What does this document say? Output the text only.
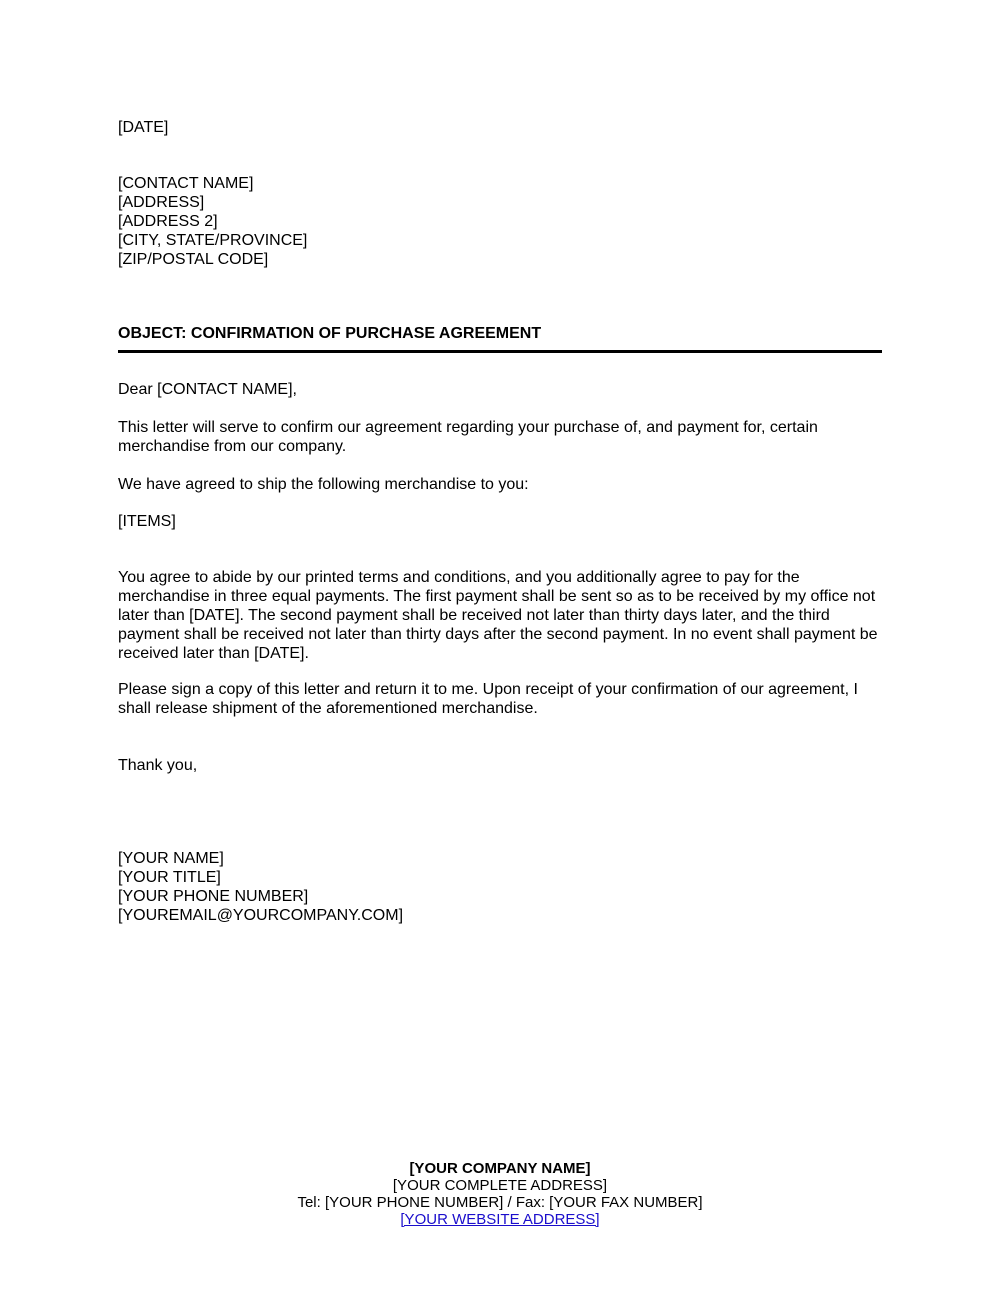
[DATE]
[CONTACT NAME]
[ADDRESS]
[ADDRESS 2]
[CITY, STATE/PROVINCE]
[ZIP/POSTAL CODE]
OBJECT: CONFIRMATION OF PURCHASE AGREEMENT
Dear [CONTACT NAME],
This letter will serve to confirm our agreement regarding your purchase of, and payment for, certain merchandise from our company.
We have agreed to ship the following merchandise to you:
[ITEMS]
You agree to abide by our printed terms and conditions, and you additionally agree to pay for the merchandise in three equal payments. The first payment shall be sent so as to be received by my office not later than [DATE]. The second payment shall be received not later than thirty days later, and the third payment shall be received not later than thirty days after the second payment. In no event shall payment be received later than [DATE].
Please sign a copy of this letter and return it to me. Upon receipt of your confirmation of our agreement, I shall release shipment of the aforementioned merchandise.
Thank you,
[YOUR NAME]
[YOUR TITLE]
[YOUR PHONE NUMBER]
[YOUREMAIL@YOURCOMPANY.COM]
[YOUR COMPANY NAME]
[YOUR COMPLETE ADDRESS]
Tel: [YOUR PHONE NUMBER] / Fax: [YOUR FAX NUMBER]
[YOUR WEBSITE ADDRESS]
